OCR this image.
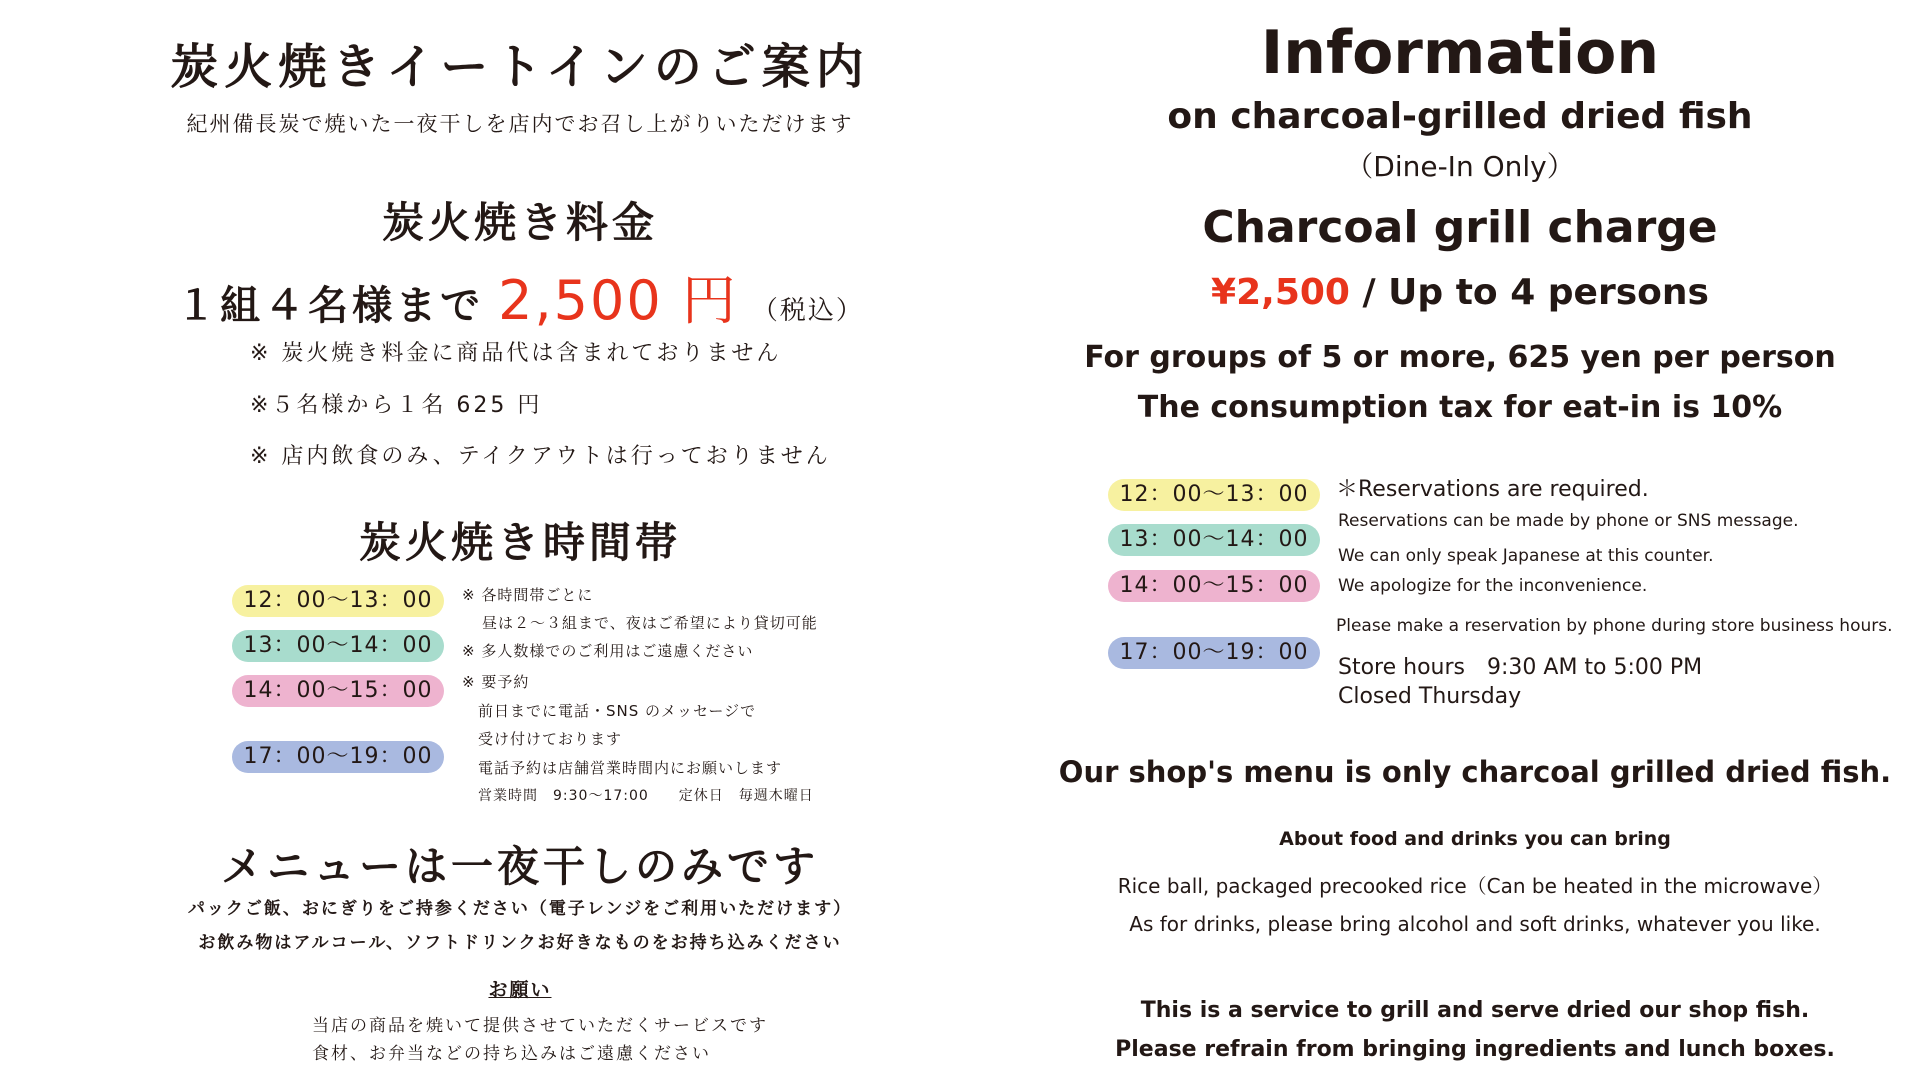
炭火焼きイートインのご案内
紀州備長炭で焼いた一夜干しを店内でお召し上がりいただけます
炭火焼き料金
１組４名様まで 2,500 円 （税込）
※ 炭火焼き料金に商品代は含まれておりません
※５名様から１名 625 円
※ 店内飲食のみ、テイクアウトは行っておりません
炭火焼き時間帯
12：00〜13：00
13：00〜14：00
14：00〜15：00
17：00〜19：00
※ 各時間帯ごとに
昼は２〜３組まで、夜はご希望により貸切可能
※ 多人数様でのご利用はご遠慮ください
※ 要予約
前日までに電話・SNS のメッセージで
受け付けております
電話予約は店舗営業時間内にお願いします
営業時間　9:30〜17:00　　定休日　毎週木曜日
メニューは一夜干しのみです
パックご飯、おにぎりをご持参ください（電子レンジをご利用いただけます）
お飲み物はアルコール、ソフトドリンクお好きなものをお持ち込みください
お願い
当店の商品を焼いて提供させていただくサービスです
食材、お弁当などの持ち込みはご遠慮ください
Information
on charcoal-grilled dried fish
（Dine-In Only）
Charcoal grill charge
¥2,500 / Up to 4 persons
For groups of 5 or more, 625 yen per person
The consumption tax for eat-in is 10%
12：00〜13：00
13：00〜14：00
14：00〜15：00
17：00〜19：00
＊Reservations are required.
Reservations can be made by phone or SNS message.
We can only speak Japanese at this counter.
We apologize for the inconvenience.
Please make a reservation by phone during store business hours.
Store hours　9:30 AM to 5:00 PM
Closed Thursday
Our shop's menu is only charcoal grilled dried fish.
About food and drinks you can bring
Rice ball, packaged precooked rice（Can be heated in the microwave）
As for drinks, please bring alcohol and soft drinks, whatever you like.
This is a service to grill and serve dried our shop fish.
Please refrain from bringing ingredients and lunch boxes.
